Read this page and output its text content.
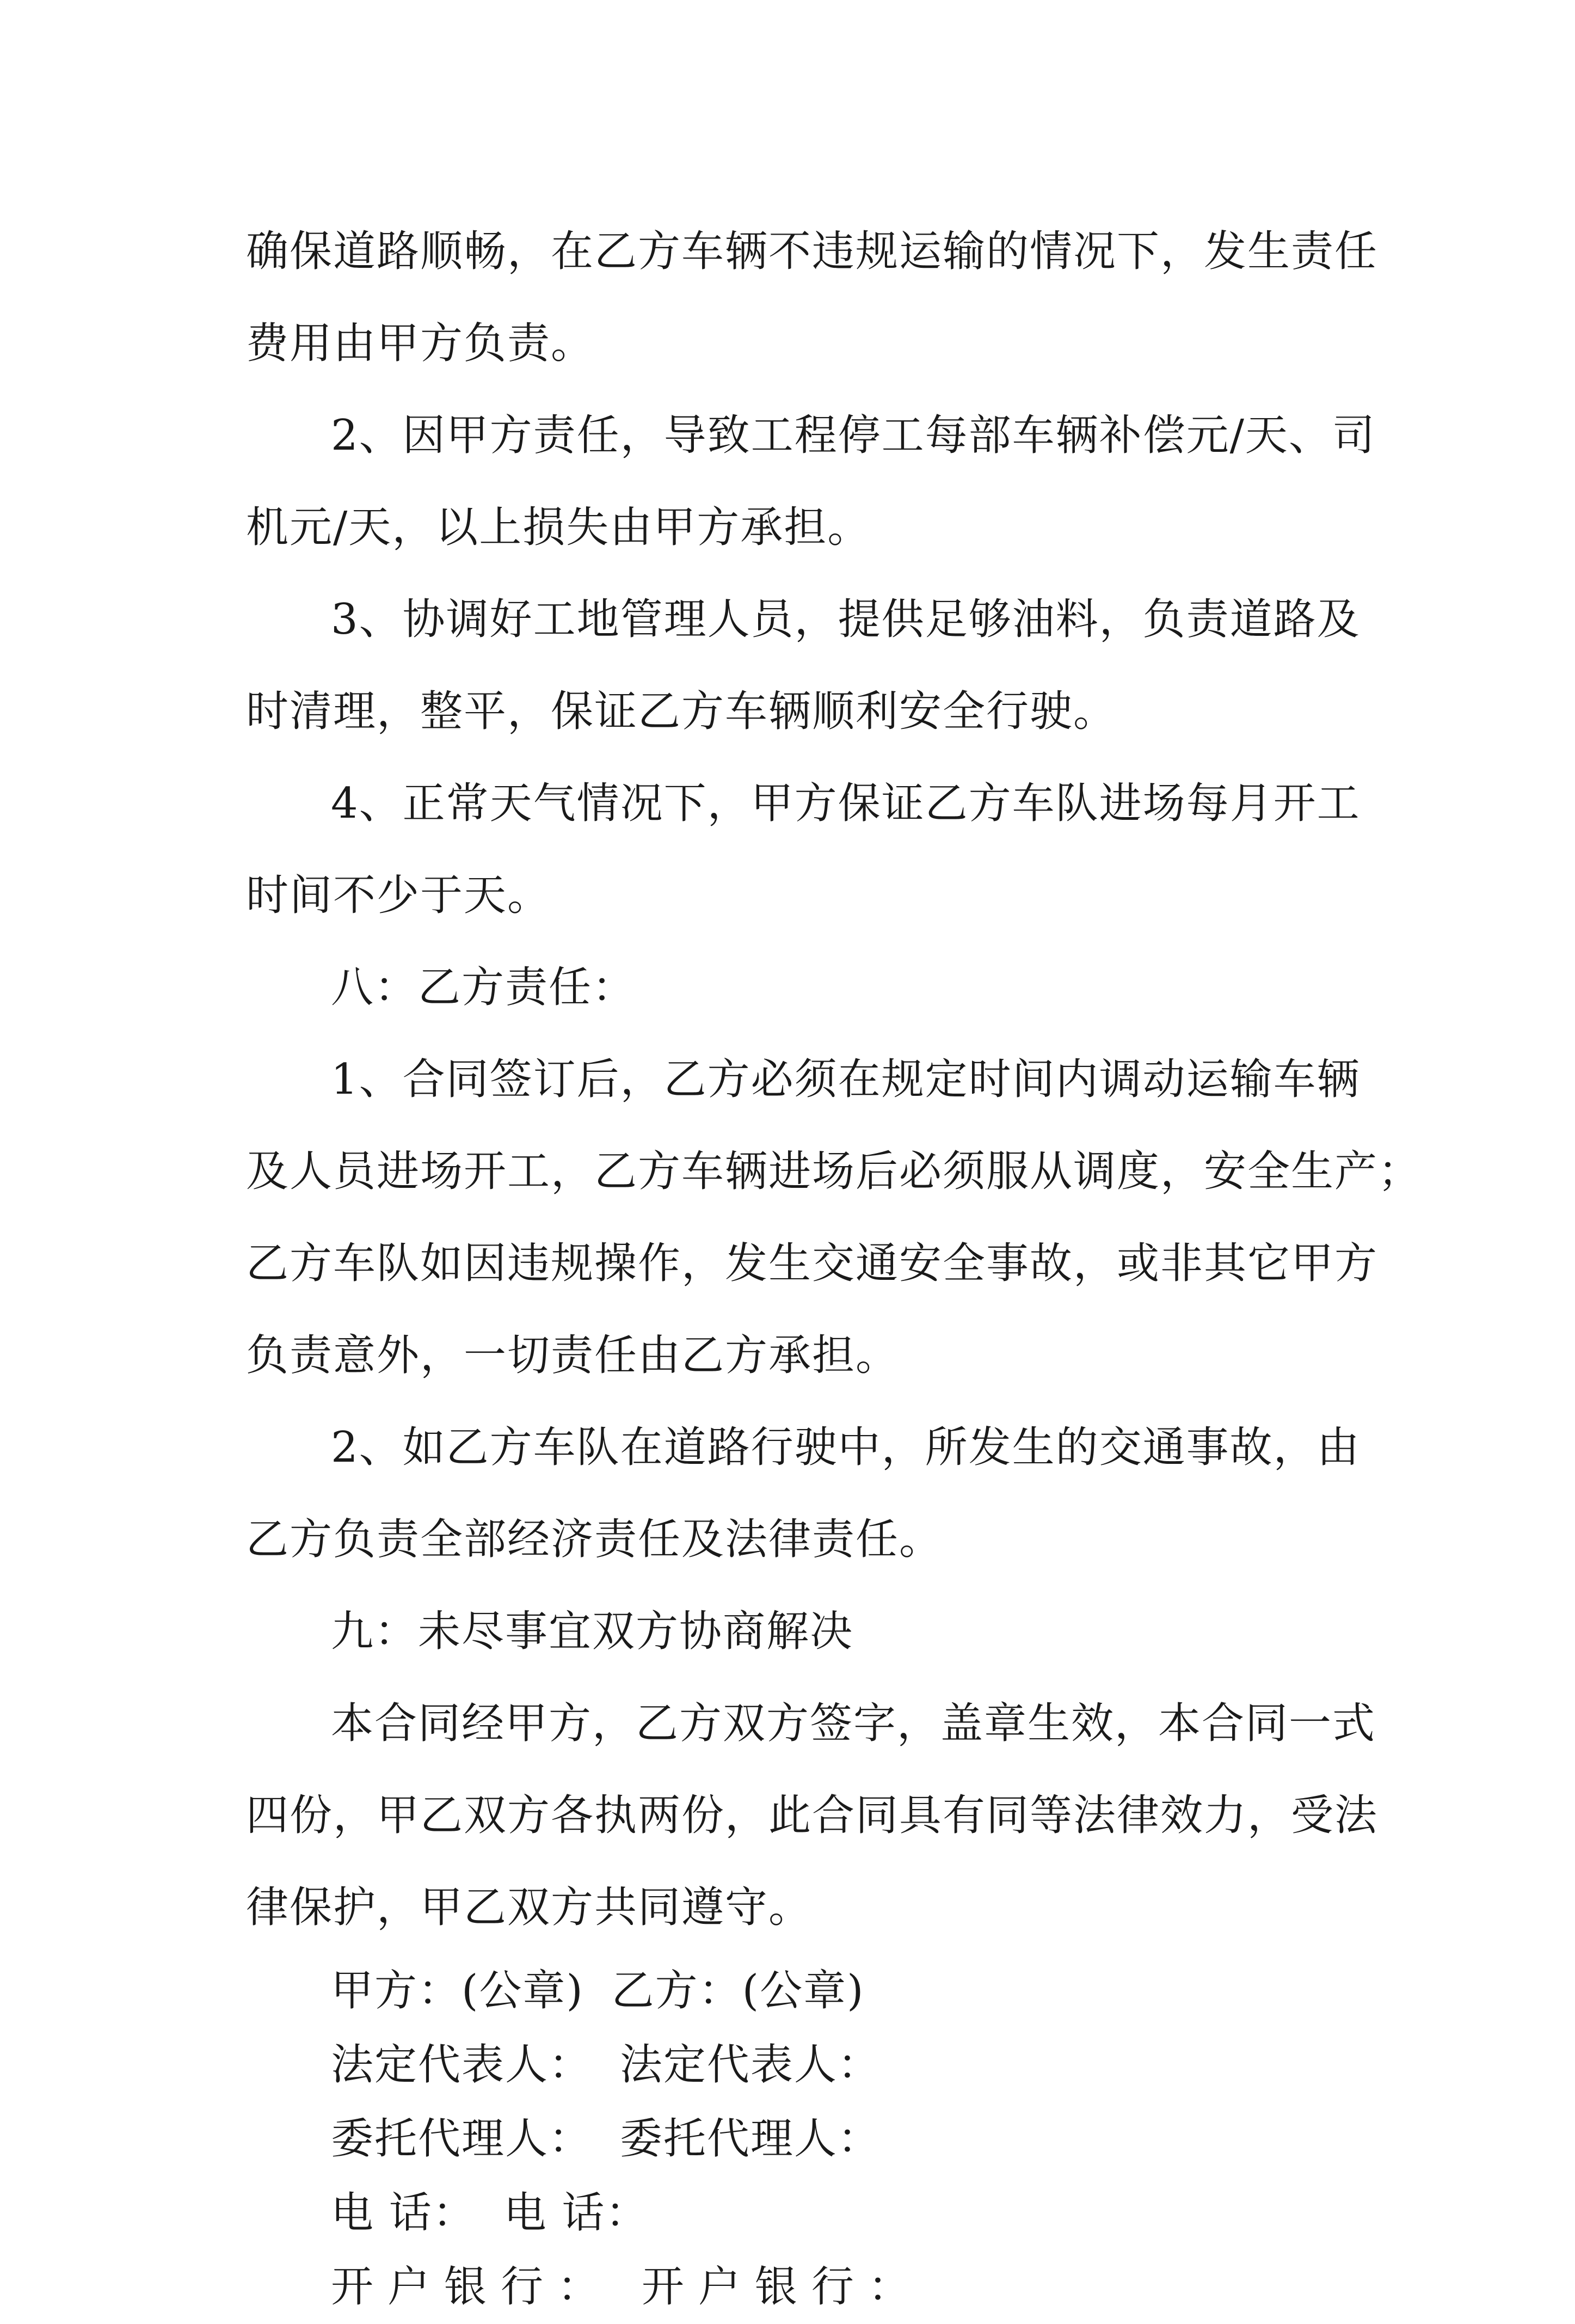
确保道路顺畅，在乙方车辆不违规运输的情况下，发生责任
费用由甲方负责。
2、因甲方责任，导致工程停工每部车辆补偿元/天、司
机元/天，以上损失由甲方承担。
3、协调好工地管理人员，提供足够油料，负责道路及
时清理，整平，保证乙方车辆顺利安全行驶。
4、正常天气情况下，甲方保证乙方车队进场每月开工
时间不少于天。
八：乙方责任：
1、合同签订后，乙方必须在规定时间内调动运输车辆
及人员进场开工，乙方车辆进场后必须服从调度，安全生产；
乙方车队如因违规操作，发生交通安全事故，或非其它甲方
负责意外，一切责任由乙方承担。
2、如乙方车队在道路行驶中，所发生的交通事故，由
乙方负责全部经济责任及法律责任。
九：未尽事宜双方协商解决
本合同经甲方，乙方双方签字，盖章生效，本合同一式
四份，甲乙双方各执两份，此合同具有同等法律效力，受法
律保护，甲乙双方共同遵守。
甲方：(公章) 乙方：(公章)
法定代表人： 法定代表人：
委托代理人： 委托代理人：
电 话： 电 话：
开户银行： 开户银行：
